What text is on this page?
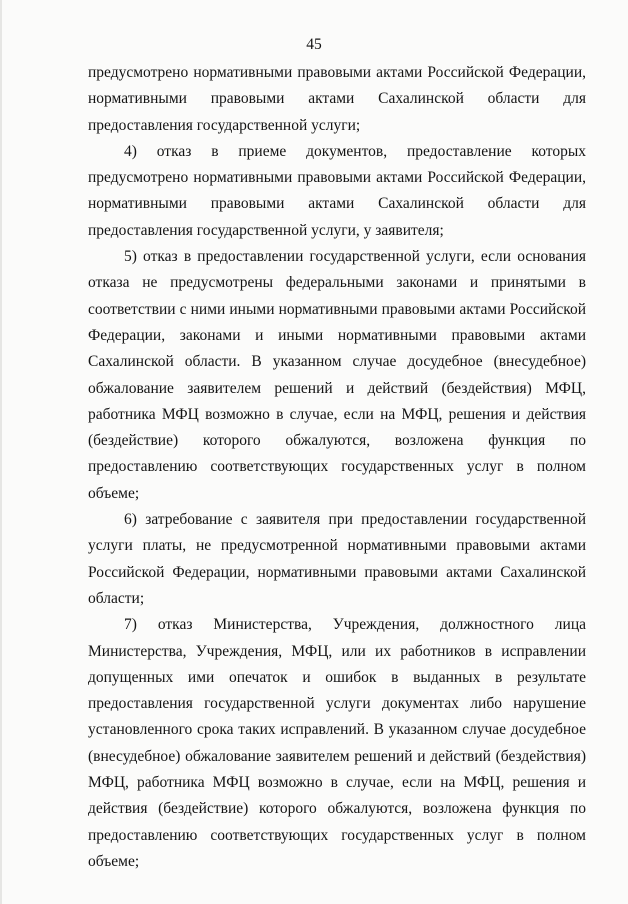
45

предусмотрено нормативными правовыми актами Российской Федерации, нормативными правовыми актами Сахалинской области для предоставления государственной услуги;

4) отказ в приеме документов, предоставление которых предусмотрено нормативными правовыми актами Российской Федерации, нормативными правовыми актами Сахалинской области для предоставления государственной услуги, у заявителя;

5) отказ в предоставлении государственной услуги, если основания отказа не предусмотрены федеральными законами и принятыми в соответствии с ними иными нормативными правовыми актами Российской Федерации, законами и иными нормативными правовыми актами Сахалинской области. В указанном случае досудебное (внесудебное) обжалование заявителем решений и действий (бездействия) МФЦ, работника МФЦ возможно в случае, если на МФЦ, решения и действия (бездействие) которого обжалуются, возложена функция по предоставлению соответствующих государственных услуг в полном объеме;

6) затребование с заявителя при предоставлении государственной услуги платы, не предусмотренной нормативными правовыми актами Российской Федерации, нормативными правовыми актами Сахалинской области;

7) отказ Министерства, Учреждения, должностного лица Министерства, Учреждения, МФЦ, или их работников в исправлении допущенных ими опечаток и ошибок в выданных в результате предоставления государственной услуги документах либо нарушение установленного срока таких исправлений. В указанном случае досудебное (внесудебное) обжалование заявителем решений и действий (бездействия) МФЦ, работника МФЦ возможно в случае, если на МФЦ, решения и действия (бездействие) которого обжалуются, возложена функция по предоставлению соответствующих государственных услуг в полном объеме;
